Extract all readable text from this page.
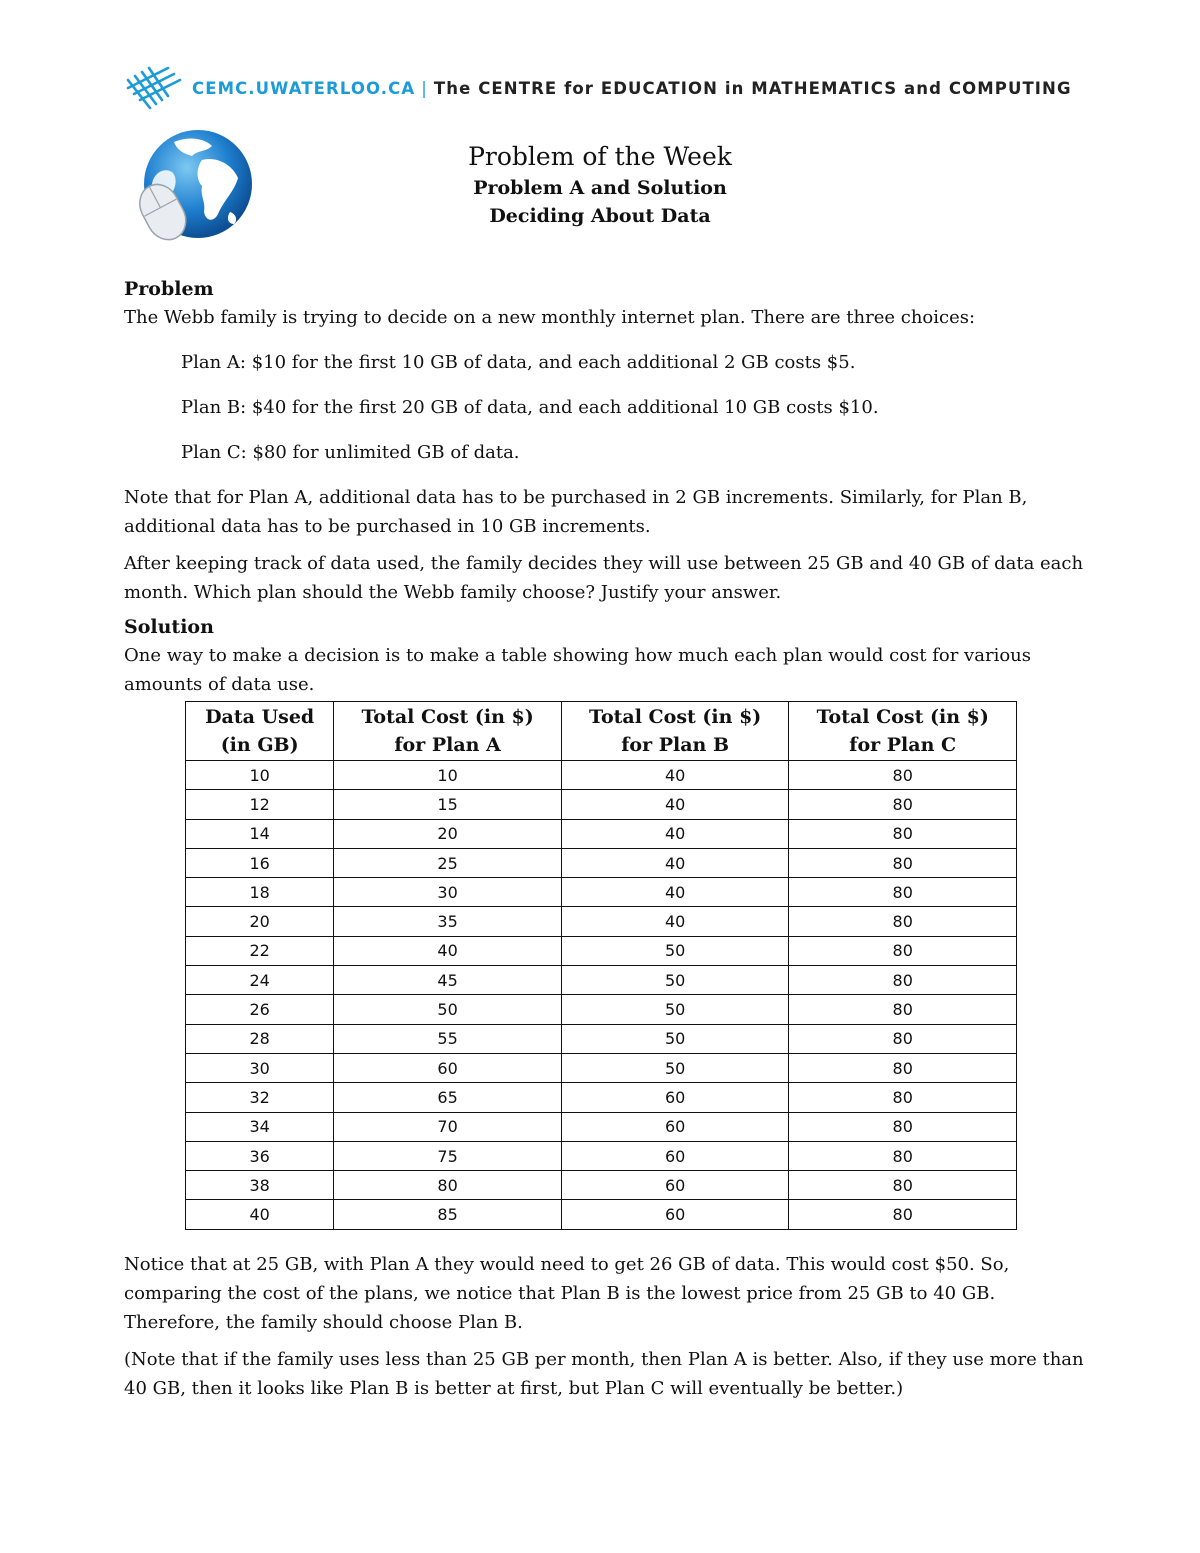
CEMC.UWATERLOO.CA | The CENTRE for EDUCATION in MATHEMATICS and COMPUTING
Problem of the Week
Problem A and Solution
Deciding About Data
Problem

The Webb family is trying to decide on a new monthly internet plan. There are three choices:

Plan A: $10 for the first 10 GB of data, and each additional 2 GB costs $5.

Plan B: $40 for the first 20 GB of data, and each additional 10 GB costs $10.

Plan C: $80 for unlimited GB of data.

Note that for Plan A, additional data has to be purchased in 2 GB increments. Similarly, for Plan B, additional data has to be purchased in 10 GB increments.

After keeping track of data used, the family decides they will use between 25 GB and 40 GB of data each month. Which plan should the Webb family choose? Justify your answer.

Solution

One way to make a decision is to make a table showing how much each plan would cost for various amounts of data use.

Data Used
(in GB)	Total Cost (in $)
for Plan A	Total Cost (in $)
for Plan B	Total Cost (in $)
for Plan C
10	10	40	80
12	15	40	80
14	20	40	80
16	25	40	80
18	30	40	80
20	35	40	80
22	40	50	80
24	45	50	80
26	50	50	80
28	55	50	80
30	60	50	80
32	65	60	80
34	70	60	80
36	75	60	80
38	80	60	80
40	85	60	80

Notice that at 25 GB, with Plan A they would need to get 26 GB of data. This would cost $50. So, comparing the cost of the plans, we notice that Plan B is the lowest price from 25 GB to 40 GB. Therefore, the family should choose Plan B.

(Note that if the family uses less than 25 GB per month, then Plan A is better. Also, if they use more than 40 GB, then it looks like Plan B is better at first, but Plan C will eventually be better.)
